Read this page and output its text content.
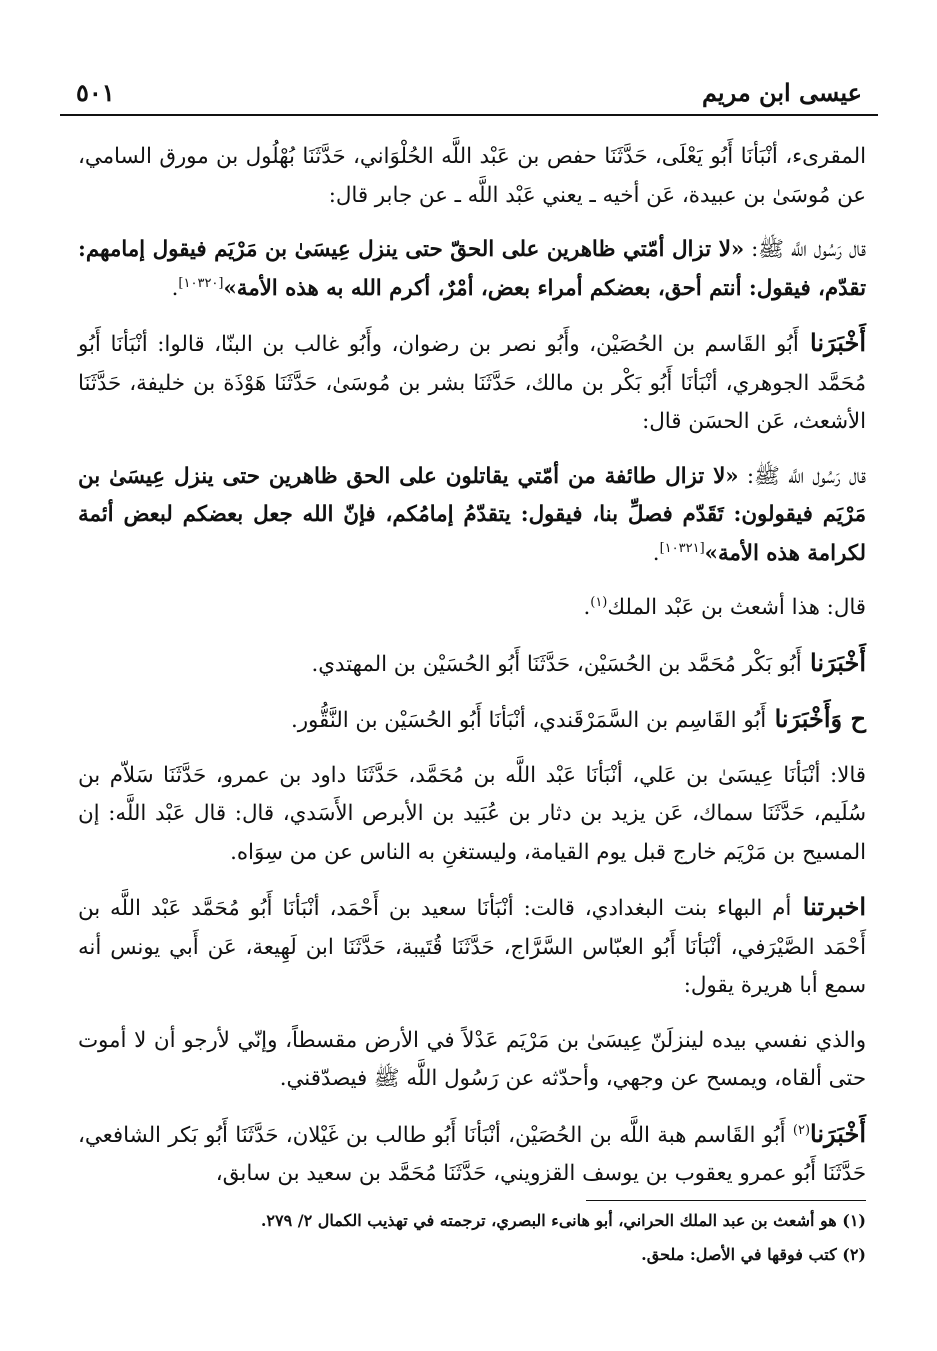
عيسى ابن مريم
٥٠١

المقرىء، أنْبَأنَا أَبُو يَعْلَى، حَدَّثَنَا حفص بن عَبْد اللَّه الحُلْوَاني، حَدَّثَنَا بُهْلُول بن مورق السامي، عن مُوسَىٰ بن عبيدة، عَن أخيه ـ يعني عَبْد اللَّه ـ عن جابر قال:

قال رَسُول اللَّه ﷺ: «لا تزال أمّتي ظاهرين على الحقّ حتى ينزل عِيسَىٰ بن مَرْيَم فيقول إمامهم: تقدّم، فيقول: أنتم أحق، بعضكم أمراء بعض، أمْرٌ، أكرم الله به هذه الأمة»[١٠٣٢٠].

أَخْبَرَنا أَبُو القَاسم بن الحُصَيْن، وأَبُو نصر بن رضوان، وأَبُو غالب بن البنّا، قالوا: أنْبَأنَا أَبُو مُحَمَّد الجوهري، أنْبَأنَا أَبُو بَكْر بن مالك، حَدَّثَنَا بشر بن مُوسَىٰ، حَدَّثَنَا هَوْذَة بن خليفة، حَدَّثَنَا الأشعث، عَن الحسَن قال:

قال رَسُول اللَّه ﷺ: «لا تزال طائفة من أمّتي يقاتلون على الحق ظاهرين حتى ينزل عِيسَىٰ بن مَرْيَم فيقولون: تَقَدّم فصلِّ بنا، فيقول: يتقدّمُ إمامُكم، فإنّ الله جعل بعضكم لبعض أئمة لكرامة هذه الأمة»[١٠٣٢١].

قال: هذا أشعث بن عَبْد الملك$^{(١)}$.

أَخْبَرَنا أَبُو بَكْر مُحَمَّد بن الحُسَيْن، حَدَّثَنَا أَبُو الحُسَيْن بن المهتدي.

ح وَأَخْبَرَنا أَبُو القَاسِم بن السَّمَرْقَندي، أنْبَأنَا أَبُو الحُسَيْن بن النَّقُّور.

قالا: أنْبَأنَا عِيسَىٰ بن عَلي، أنْبَأنَا عَبْد اللَّه بن مُحَمَّد، حَدَّثَنَا داود بن عمرو، حَدَّثَنَا سَلاّم بن سُلَيم، حَدَّثَنَا سماك، عَن يزيد بن دثار بن عُبَيد بن الأبرص الأَسَدي، قال: قال عَبْد اللَّه: إن المسيح بن مَرْيَم خارج قبل يوم القيامة، وليستغنِ به الناس عن من سِوَاه.

اخبرتنا أم البهاء بنت البغدادي، قالت: أنْبَأنَا سعيد بن أَحْمَد، أنْبَأنَا أَبُو مُحَمَّد عَبْد اللَّه بن أَحْمَد الصَّيْرَفي، أنْبَأنَا أَبُو العبّاس السَّرَّاج، حَدَّثَنَا قُتَيبة، حَدَّثَنَا ابن لَهِيعة، عَن أَبي يونس أنه سمع أبا هريرة يقول:

والذي نفسي بيده لينزلَنّ عِيسَىٰ بن مَرْيَم عَدْلاً في الأرض مقسطاً، وإنّي لأرجو أن لا أموت حتى ألقاه، ويمسح عن وجهي، وأحدّثه عن رَسُول اللَّه ﷺ فيصدّقني.

أَخْبَرَنا$^{(٢)}$ أَبُو القَاسم هبة اللَّه بن الحُصَيْن، أنْبَأنَا أَبُو طالب بن غَيْلان، حَدَّثَنَا أَبُو بَكر الشافعي، حَدَّثَنَا أَبُو عمرو يعقوب بن يوسف القزويني، حَدَّثَنَا مُحَمَّد بن سعيد بن سابق،

(١) هو أشعث بن عبد الملك الحراني، أبو هانىء البصري، ترجمته في تهذيب الكمال ٢/ ٢٧٩.
(٢) كتب فوقها في الأصل: ملحق.
